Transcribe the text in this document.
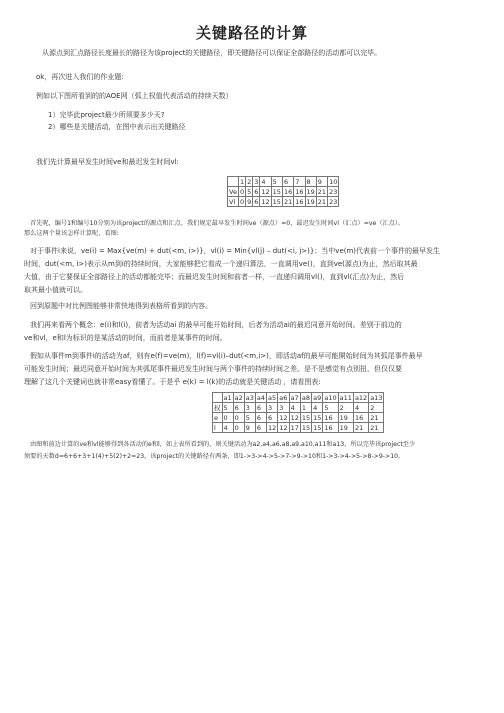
关键路径的计算
从源点到汇点路径长度最长的路径为该project的关键路径，即关键路径可以保证全部路径的活动都可以完毕。
ok，再次进入我们的作业题:
例如以下图所看到的的AOE网（弧上权值代表活动的持续天数）
1）完毕此project最少所须要多少天?
2）哪些是关键活动，在图中表示出关键路径
我们先计算最早发生时间ve和最迟发生时间vl:
	1	2	3	4	5	6	7	8	9	10
Ve	0	5	6	12	15	16	16	19	21	23
Vl	0	9	6	12	15	21	16	19	21	23
首先呢，编号1和编号10分别为该project的源点和汇点，我们规定最早发生时间ve（源点）=0，最迟发生时间vl（汇点）=ve（汇点）。
那么这两个量该怎样计算呢，看图:
对于事件i来说，ve(i) = Max{ve(m) + dut(<m, i>)}，vl(i) = Min{vl(j) – dut(<i, j>)}；当中ve(m)代表前一个事件的最早发生
时间，dut(<m, i>)表示从m到i的持续时间，大家能够把它看成一个递归算法，一直调用ve()，直到ve(源点)为止，然后取其最
大值，由于它要保证全部路径上的活动都能完毕；而最迟发生时间和前者一样，一直递归调用vl()，直到vl(汇点)为止，然后
取其最小值就可以。
回到原题中对比例图能够非常快地得到表格所看到的内容。
我们再来看两个概念：e(i)和l(i)，前者为活动ai 的最早可能开始时间，后者为活动ai的最迟同意开始时间。差别于前边的
ve和vl，e和l为标识的是某活动的时间，而前者是某事件的时间。
假如从事件m到事件i的活动为af，则有e(f)=ve(m)，l(f)=vl(i)–dut(<m,i>)，即活动af的最早可能開始时间为其弧尾事件最早
可能发生时间；最迟同意开始时间为其弧尾事件最迟发生时间与两个事件的持续时间之差。是不是感觉有点别扭，但仅仅要
理解了这几个关键词也就非常easy看懂了。于是乎 e(k) = l(k)的活动就是关键活动 ，请看图表:
	a1	a2	a3	a4	a5	a6	a7	a8	a9	a10	a11	a12	a13
权	5	6	3	6	3	3	4	1	4	5	2	4	2
e	0	0	5	6	6	12	12	15	15	16	19	16	21
l	4	0	9	6	12	12	17	15	15	16	19	21	21
由图和前边计算的ve和vl能够得到各活动的e和l，如上表所看到的，则关键活动为a2,a4,a6,a8,a9,a10,a11和a13，所以完毕该project至少
须要的天数d=6+6+3+1(4)+5(2)+2=23，该project的关键路径有两条，即1->3->4->5->7->9->10和1->3->4->5->8->9->10。
